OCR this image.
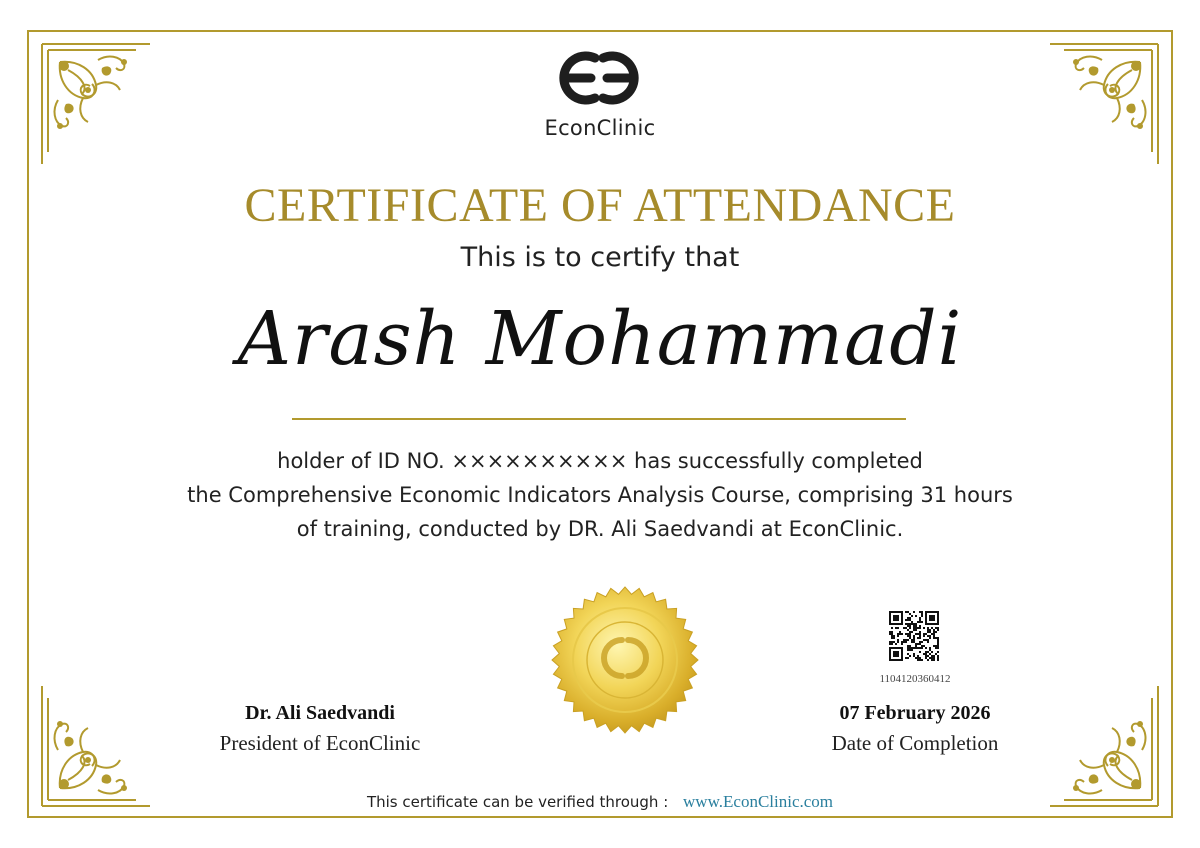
EconClinic
CERTIFICATE OF ATTENDANCE
This is to certify that
Arash Mohammadi
holder of ID NO. ×××××××××× has successfully completed
the Comprehensive Economic Indicators Analysis Course, comprising 31 hours
of training, conducted by DR. Ali Saedvandi at EconClinic.
1104120360412
Dr. Ali Saedvandi
President of EconClinic
07 February 2026
Date of Completion
This certificate can be verified through : www.EconClinic.com
